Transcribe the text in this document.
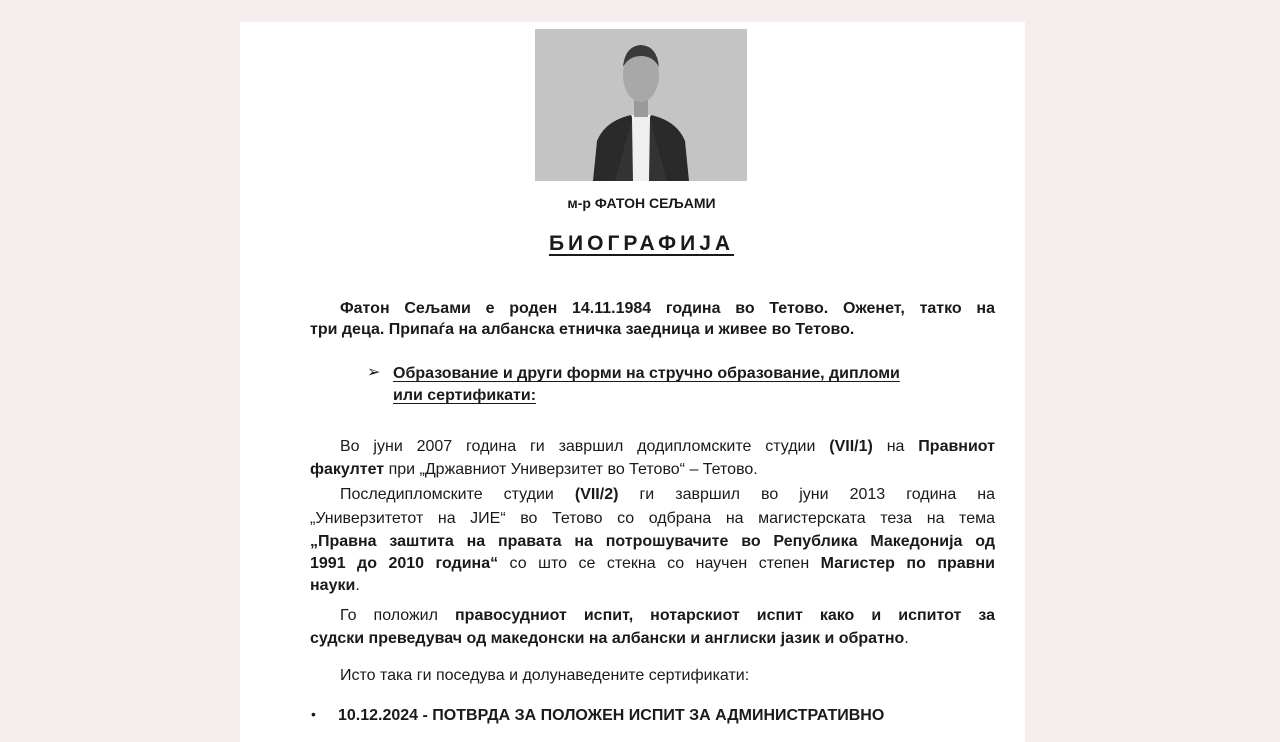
м-р ФАТОН СЕЉАМИ
БИОГРАФИЈА
Фатон Сељами е роден 14.11.1984 година во Тетово. Оженет, татко на
три деца. Припаѓа на албанска етничка заедница и живее во Тетово.
➢ Образование и други форми на стручно образование, дипломи
или сертификати:
Во јуни 2007 година ги завршил додипломските студии (VII/1) на Правниот
факултет при „Државниот Универзитет во Тетово“ – Тетово.
Последипломските студии (VII/2) ги завршил во јуни 2013 година на
„Универзитетот на ЈИЕ“ во Тетово со одбрана на магистерската теза на тема
„Правна заштита на правата на потрошувачите во Република Македонија од
1991 до 2010 година“ со што се стекна со научен степен Магистер по правни
науки.
Го положил правосудниот испит, нотарскиот испит како и испитот за
судски преведувач од македонски на албански и англиски јазик и обратно.
Исто така ги поседува и долунаведените сертификати:
• 10.12.2024 - ПОТВРДА ЗА ПОЛОЖЕН ИСПИТ ЗА АДМИНИСТРАТИВНО
